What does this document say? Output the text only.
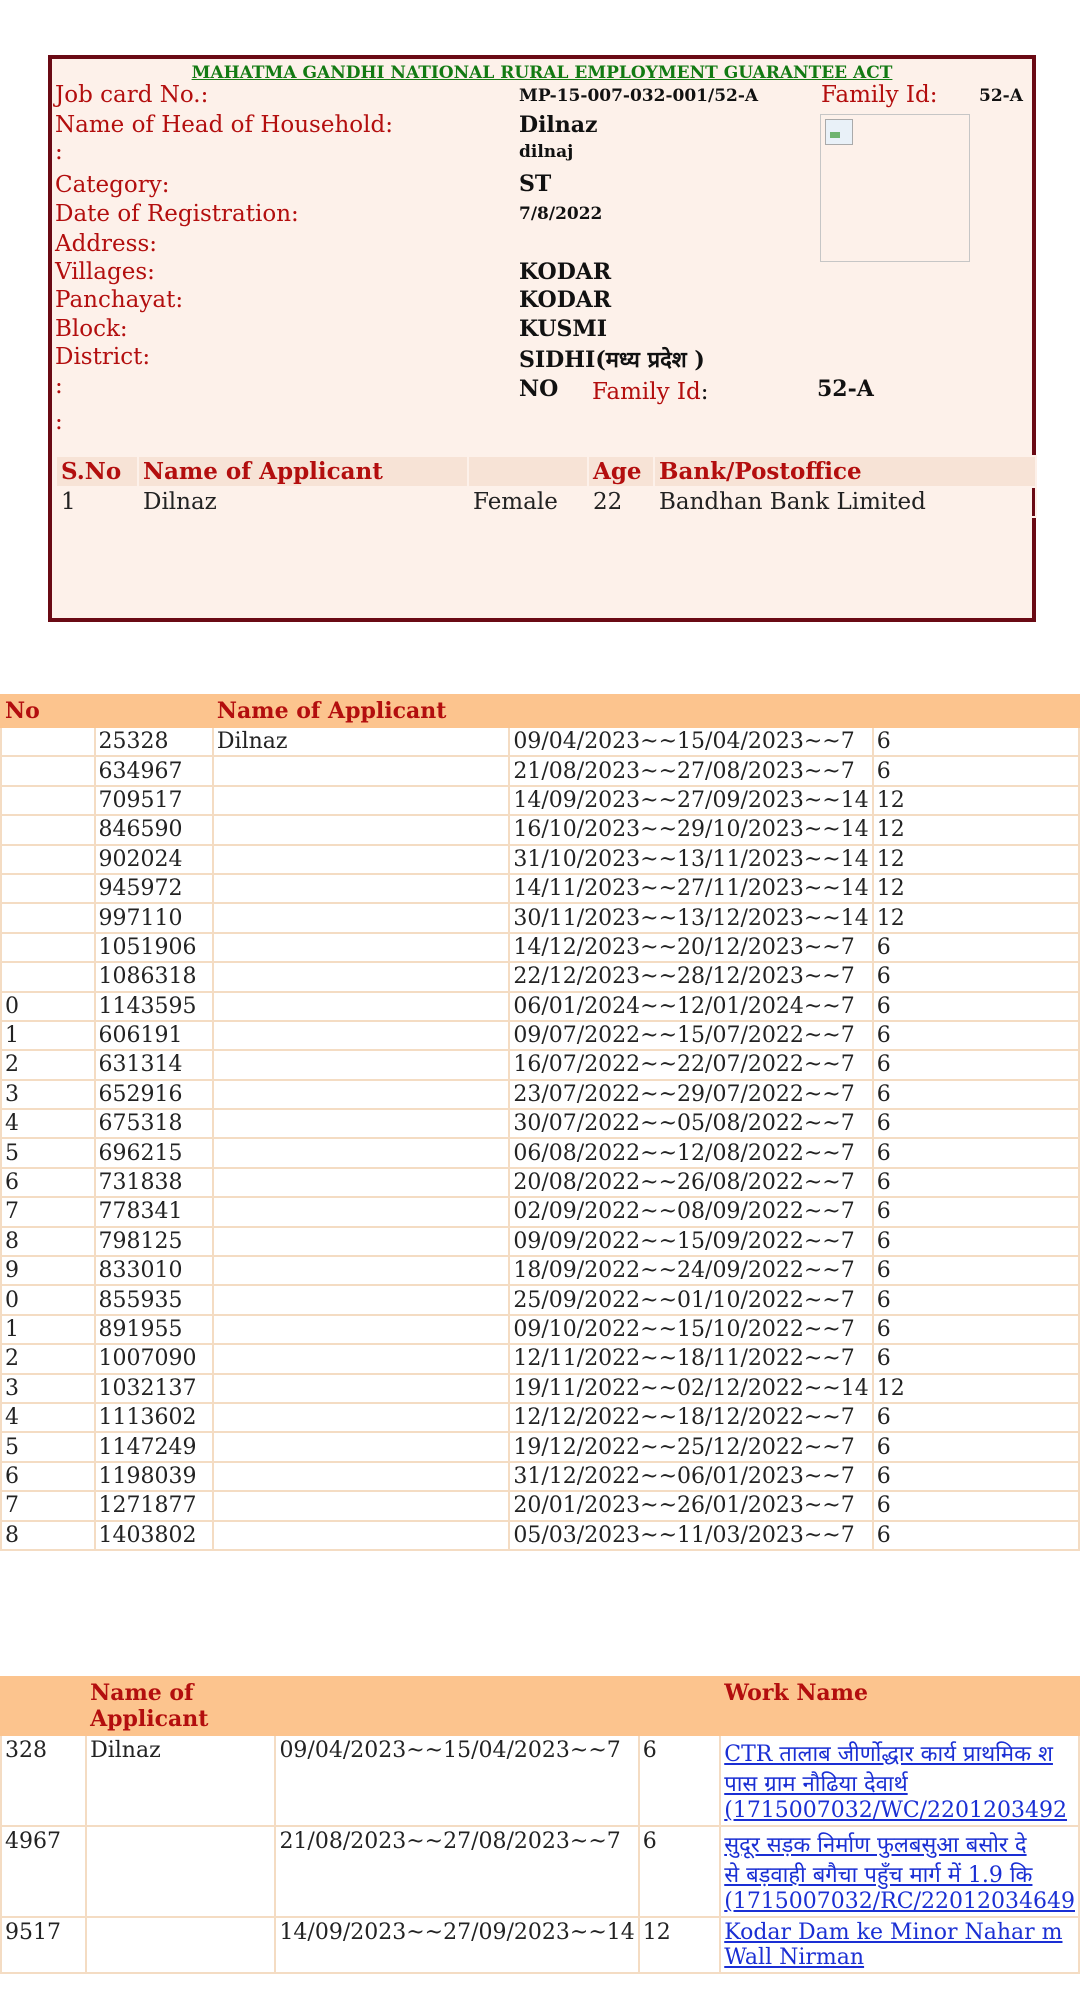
MAHATMA GANDHI NATIONAL RURAL EMPLOYMENT GUARANTEE ACT
Job card No.:	MP-15-007-032-001/52-A	Family Id: 52-A
Name of Head of Household:	Dilnaz
:	dilnaj
Category:	ST
Date of Registration:	7/8/2022
Address:
Villages:	KODAR
Panchayat:	KODAR
Block:	KUSMI
District:	SIDHI(मध्य प्रदेश )
:	NO Family Id:	52-A
:
S.No	Name of Applicant		Age	Bank/Postoffice
1	Dilnaz	Female	22	Bandhan Bank Limited
No		Name of Applicant		
	25328	Dilnaz	09/04/2023~~15/04/2023~~7	6
	634967		21/08/2023~~27/08/2023~~7	6
	709517		14/09/2023~~27/09/2023~~14	12
	846590		16/10/2023~~29/10/2023~~14	12
	902024		31/10/2023~~13/11/2023~~14	12
	945972		14/11/2023~~27/11/2023~~14	12
	997110		30/11/2023~~13/12/2023~~14	12
	1051906		14/12/2023~~20/12/2023~~7	6
	1086318		22/12/2023~~28/12/2023~~7	6
0	1143595		06/01/2024~~12/01/2024~~7	6
1	606191		09/07/2022~~15/07/2022~~7	6
2	631314		16/07/2022~~22/07/2022~~7	6
3	652916		23/07/2022~~29/07/2022~~7	6
4	675318		30/07/2022~~05/08/2022~~7	6
5	696215		06/08/2022~~12/08/2022~~7	6
6	731838		20/08/2022~~26/08/2022~~7	6
7	778341		02/09/2022~~08/09/2022~~7	6
8	798125		09/09/2022~~15/09/2022~~7	6
9	833010		18/09/2022~~24/09/2022~~7	6
0	855935		25/09/2022~~01/10/2022~~7	6
1	891955		09/10/2022~~15/10/2022~~7	6
2	1007090		12/11/2022~~18/11/2022~~7	6
3	1032137		19/11/2022~~02/12/2022~~14	12
4	1113602		12/12/2022~~18/12/2022~~7	6
5	1147249		19/12/2022~~25/12/2022~~7	6
6	1198039		31/12/2022~~06/01/2023~~7	6
7	1271877		20/01/2023~~26/01/2023~~7	6
8	1403802		05/03/2023~~11/03/2023~~7	6
	Name of Applicant			Work Name
328	Dilnaz	09/04/2023~~15/04/2023~~7	6	CTR तालाब जीर्णोद्धार कार्य प्राथमिक श
पास ग्राम नौढिया देवार्थ
(1715007032/WC/2201203492

4967		21/08/2023~~27/08/2023~~7	6	सुदूर सड़क निर्माण फुलबसुआ बसोर दे
से बड़वाही बगैचा पहुँच मार्ग में 1.9 कि
(1715007032/RC/22012034649

9517		14/09/2023~~27/09/2023~~14	12	Kodar Dam ke Minor Nahar m
Wall Nirman
